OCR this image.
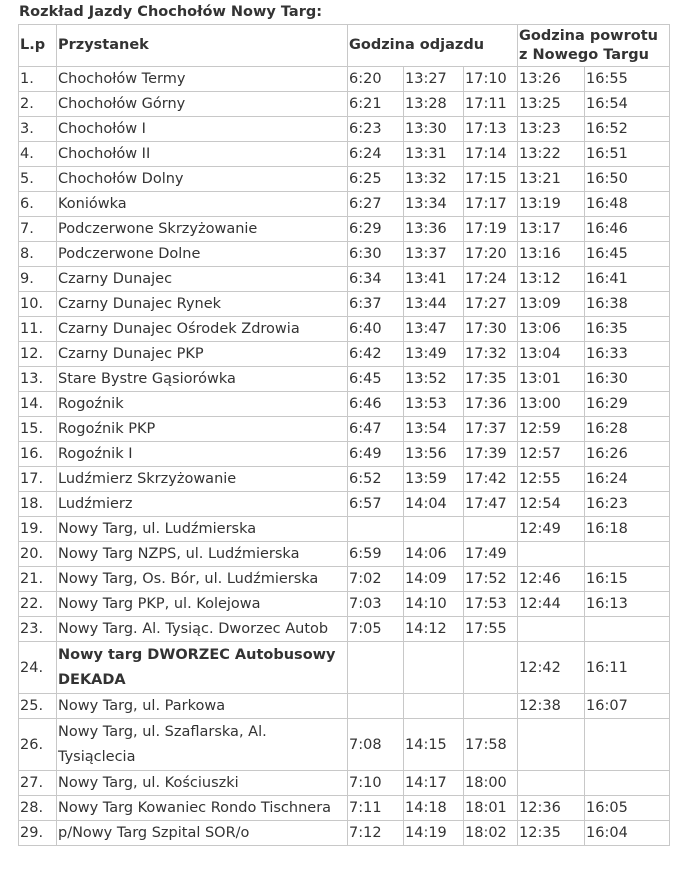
Rozkład Jazdy Chochołów Nowy Targ:
L.p	Przystanek	Godzina odjazdu			Godzina powrotu
z Nowego Targu	

1.	Chochołów Termy	6:20	13:27	17:10	13:26	16:55
2.	Chochołów Górny	6:21	13:28	17:11	13:25	16:54
3.	Chochołów I	6:23	13:30	17:13	13:23	16:52
4.	Chochołów II	6:24	13:31	17:14	13:22	16:51
5.	Chochołów Dolny	6:25	13:32	17:15	13:21	16:50
6.	Koniówka	6:27	13:34	17:17	13:19	16:48
7.	Podczerwone Skrzyżowanie	6:29	13:36	17:19	13:17	16:46
8.	Podczerwone Dolne	6:30	13:37	17:20	13:16	16:45
9.	Czarny Dunajec	6:34	13:41	17:24	13:12	16:41
10.	Czarny Dunajec Rynek	6:37	13:44	17:27	13:09	16:38
11.	Czarny Dunajec Ośrodek Zdrowia	6:40	13:47	17:30	13:06	16:35
12.	Czarny Dunajec PKP	6:42	13:49	17:32	13:04	16:33
13.	Stare Bystre Gąsiorówka	6:45	13:52	17:35	13:01	16:30
14.	Rogoźnik	6:46	13:53	17:36	13:00	16:29
15.	Rogoźnik PKP	6:47	13:54	17:37	12:59	16:28
16.	Rogoźnik I	6:49	13:56	17:39	12:57	16:26
17.	Ludźmierz Skrzyżowanie	6:52	13:59	17:42	12:55	16:24
18.	Ludźmierz	6:57	14:04	17:47	12:54	16:23
19.	Nowy Targ, ul. Ludźmierska				12:49	16:18
20.	Nowy Targ NZPS, ul. Ludźmierska	6:59	14:06	17:49		
21.	Nowy Targ, Os. Bór, ul. Ludźmierska	7:02	14:09	17:52	12:46	16:15
22.	Nowy Targ PKP, ul. Kolejowa	7:03	14:10	17:53	12:44	16:13
23.	Nowy Targ. Al. Tysiąc. Dworzec Autob	7:05	14:12	17:55		
24.	Nowy targ DWORZEC Autobusowy DEKADA				12:42	16:11
25.	Nowy Targ, ul. Parkowa				12:38	16:07
26.	Nowy Targ, ul. Szaflarska, Al. Tysiąclecia	7:08	14:15	17:58		
27.	Nowy Targ, ul. Kościuszki	7:10	14:17	18:00		
28.	Nowy Targ Kowaniec Rondo Tischnera	7:11	14:18	18:01	12:36	16:05
29.	p/Nowy Targ Szpital SOR/o	7:12	14:19	18:02	12:35	16:04
